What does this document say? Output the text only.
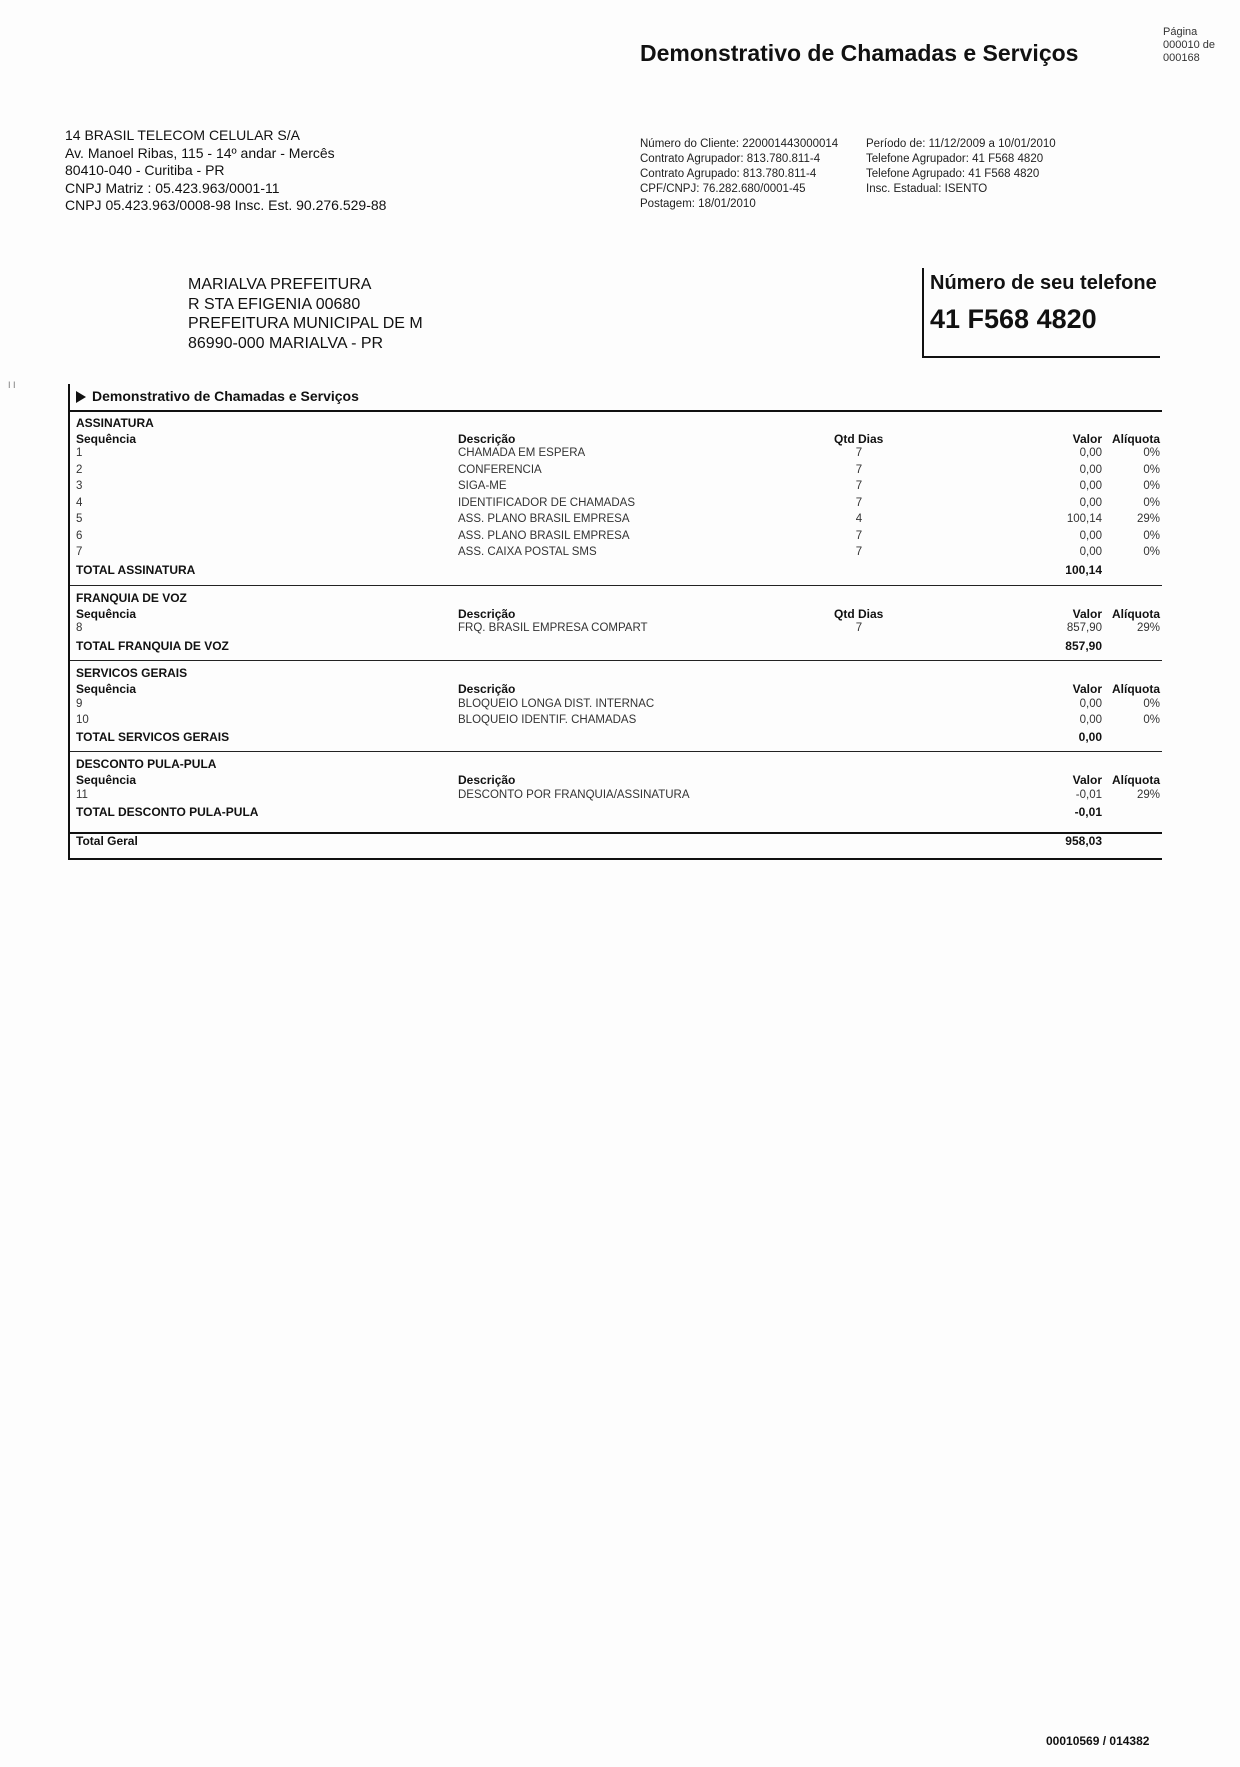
Demonstrativo de Chamadas e Serviços
Página
000010 de
000168
14 BRASIL TELECOM CELULAR S/A
Av. Manoel Ribas, 115 - 14º andar - Mercês
80410-040 - Curitiba - PR
CNPJ Matriz : 05.423.963/0001-11
CNPJ 05.423.963/0008-98 Insc. Est. 90.276.529-88
Número do Cliente: 220001443000014
Contrato Agrupador: 813.780.811-4
Contrato Agrupado: 813.780.811-4
CPF/CNPJ: 76.282.680/0001-45
Postagem: 18/01/2010
Período de: 11/12/2009 a 10/01/2010
Telefone Agrupador: 41 F568 4820
Telefone Agrupado: 41 F568 4820
Insc. Estadual: ISENTO
MARIALVA PREFEITURA
R STA EFIGENIA 00680
PREFEITURA MUNICIPAL DE M
86990-000 MARIALVA - PR
Número de seu telefone
41 F568 4820
I I
Demonstrativo de Chamadas e Serviços
ASSINATURA
Sequência	Descrição	Qtd Dias	Valor Alíquota
1	CHAMADA EM ESPERA	7	0,00	0%
2	CONFERENCIA	7	0,00	0%
3	SIGA-ME	7	0,00	0%
4	IDENTIFICADOR DE CHAMADAS	7	0,00	0%
5	ASS. PLANO BRASIL EMPRESA	4	100,14	29%
6	ASS. PLANO BRASIL EMPRESA	7	0,00	0%
7	ASS. CAIXA POSTAL SMS	7	0,00	0%
TOTAL ASSINATURA	100,14
FRANQUIA DE VOZ
Sequência	Descrição	Qtd Dias	Valor Alíquota
8	FRQ. BRASIL EMPRESA COMPART	7	857,90	29%
TOTAL FRANQUIA DE VOZ	857,90
SERVICOS GERAIS
Sequência	Descrição	Valor Alíquota
9	BLOQUEIO LONGA DIST. INTERNAC	0,00	0%
10	BLOQUEIO IDENTIF. CHAMADAS	0,00	0%
TOTAL SERVICOS GERAIS	0,00
DESCONTO PULA-PULA
Sequência	Descrição	Valor Alíquota
11	DESCONTO POR FRANQUIA/ASSINATURA	-0,01	29%
TOTAL DESCONTO PULA-PULA	-0,01
Total Geral	958,03
00010569 / 014382
